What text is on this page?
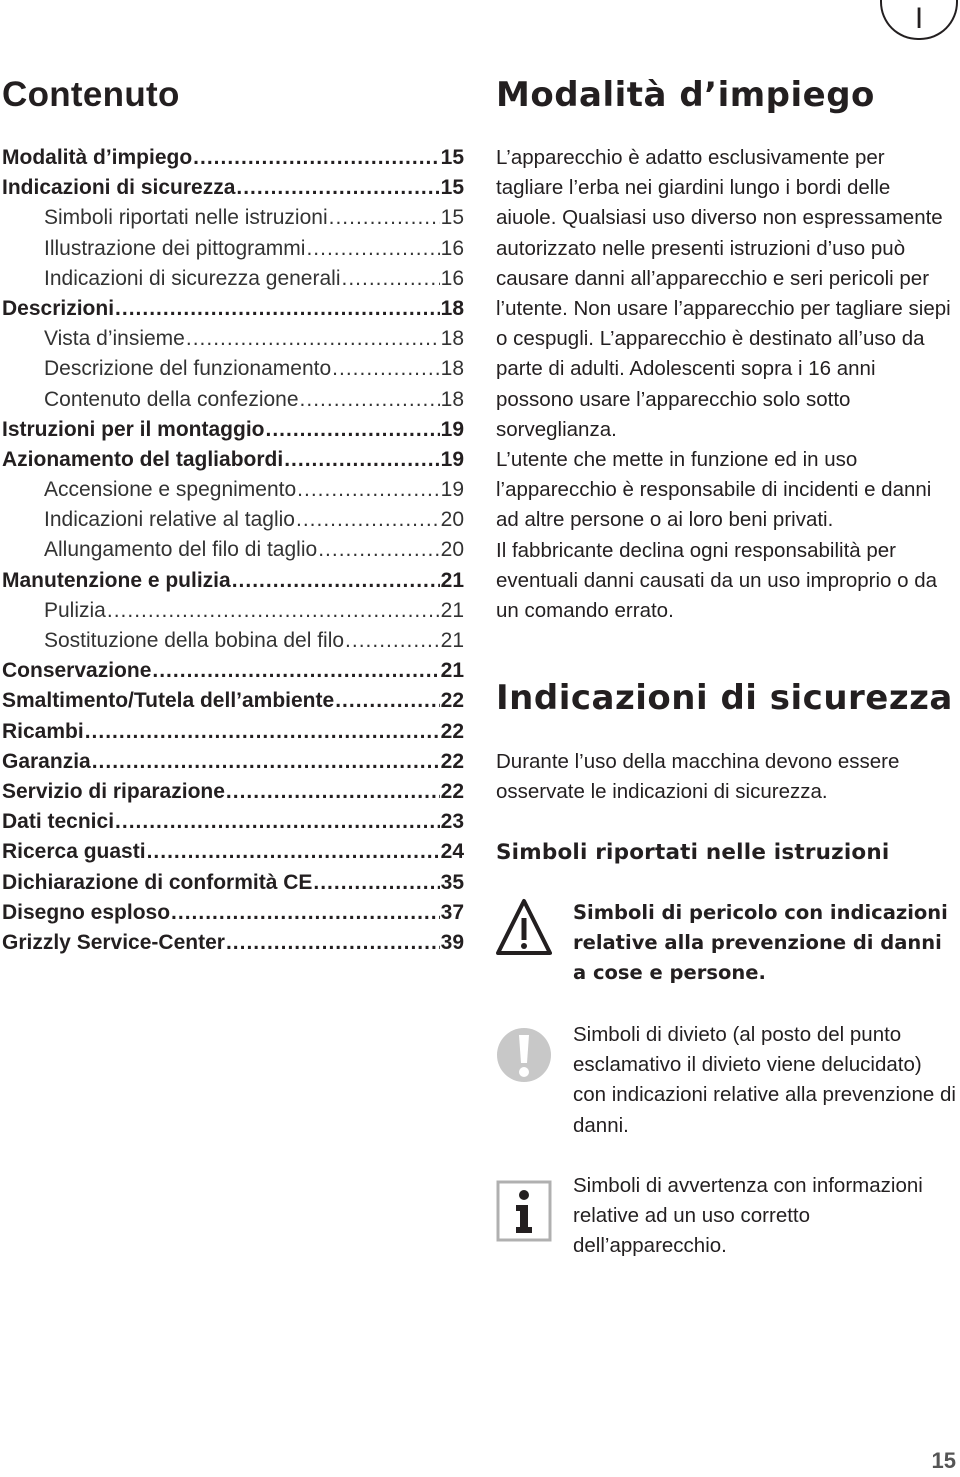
I
Contenuto
Modalità d’impiego .....	15
Indicazioni di sicurezza .....	15
Simboli riportati nelle istruzioni .....	15
Illustrazione dei pittogrammi .....	16
Indicazioni di sicurezza generali .....	16
Descrizioni .....	18
Vista d’insieme .....	18
Descrizione del funzionamento .....	18
Contenuto della confezione .....	18
Istruzioni per il montaggio .....	19
Azionamento del tagliabordi .....	19
Accensione e spegnimento .....	19
Indicazioni relative al taglio .....	20
Allungamento del filo di taglio .....	20
Manutenzione e pulizia .....	21
Pulizia .....	21
Sostituzione della bobina del filo .....	21
Conservazione .....	21
Smaltimento/Tutela dell’ambiente .....	22
Ricambi .....	22
Garanzia .....	22
Servizio di riparazione .....	22
Dati tecnici .....	23
Ricerca guasti .....	24
Dichiarazione di conformità CE .....	35
Disegno esploso .....	37
Grizzly Service-Center .....	39
Modalità d’impiego

L’apparecchio è adatto esclusivamente per tagliare l’erba nei giardini lungo i bordi delle aiuole. Qualsiasi uso diverso non espressamente autorizzato nelle presenti istruzioni d’uso può causare danni all’apparecchio e seri pericoli per l’utente. Non usare l’apparecchio per tagliare siepi o cespugli. L’apparecchio è destinato all’uso da parte di adulti. Adolescenti sopra i 16 anni possono usare l’apparecchio solo sotto sorveglianza.

L’utente che mette in funzione ed in uso l’apparecchio è responsabile di incidenti e danni ad altre persone o ai loro beni privati.

Il fabbricante declina ogni responsabilità per eventuali danni causati da un uso improprio o da un comando errato.

Indicazioni di sicurezza

Durante l’uso della macchina devono essere osservate le indicazioni di sicurezza.

Simboli riportati nelle istruzioni

Simboli di pericolo con indicazioni relative alla prevenzione di danni a cose e persone.

Simboli di divieto (al posto del punto esclamativo il divieto viene delucidato) con indicazioni relative alla prevenzione di danni.

Simboli di avvertenza con informazioni relative ad un uso corretto dell’apparecchio.

15
